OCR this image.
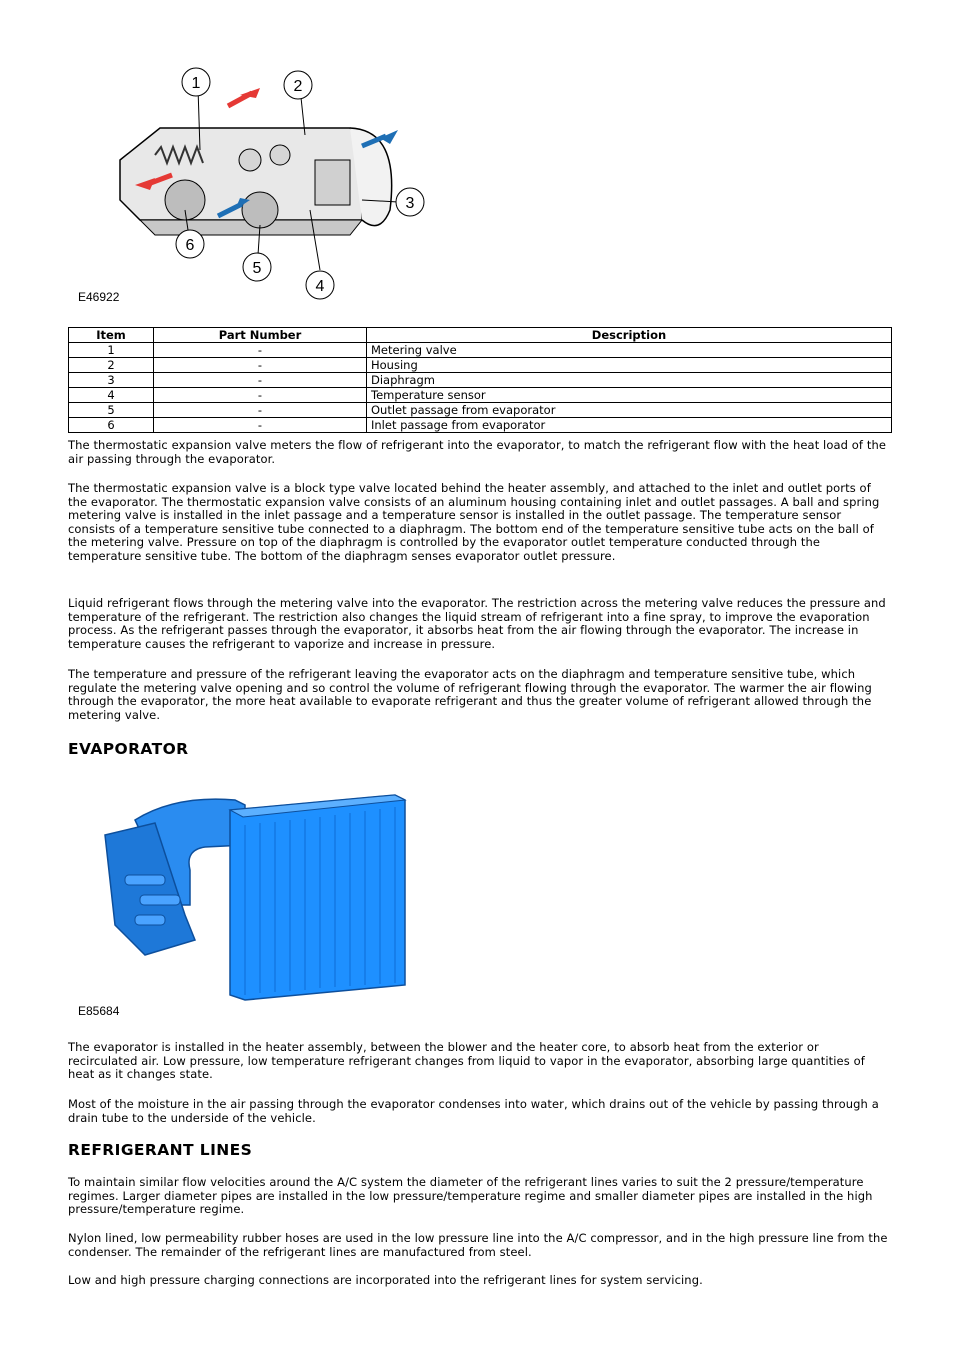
1	2
3
4
5
6
E46922
Item	Part Number	Description
1	-	Metering valve
2	-	Housing
3	-	Diaphragm
4	-	Temperature sensor
5	-	Outlet passage from evaporator
6	-	Inlet passage from evaporator

The thermostatic expansion valve meters the flow of refrigerant into the evaporator, to match the refrigerant flow with the heat load of the air passing through the evaporator.

The thermostatic expansion valve is a block type valve located behind the heater assembly, and attached to the inlet and outlet ports of the evaporator. The thermostatic expansion valve consists of an aluminum housing containing inlet and outlet passages. A ball and spring metering valve is installed in the inlet passage and a temperature sensor is installed in the outlet passage. The temperature sensor consists of a temperature sensitive tube connected to a diaphragm. The bottom end of the temperature sensitive tube acts on the ball of the metering valve. Pressure on top of the diaphragm is controlled by the evaporator outlet temperature conducted through the temperature sensitive tube. The bottom of the diaphragm senses evaporator outlet pressure.

Liquid refrigerant flows through the metering valve into the evaporator. The restriction across the metering valve reduces the pressure and temperature of the refrigerant. The restriction also changes the liquid stream of refrigerant into a fine spray, to improve the evaporation process. As the refrigerant passes through the evaporator, it absorbs heat from the air flowing through the evaporator. The increase in temperature causes the refrigerant to vaporize and increase in pressure.

The temperature and pressure of the refrigerant leaving the evaporator acts on the diaphragm and temperature sensitive tube, which regulate the metering valve opening and so control the volume of refrigerant flowing through the evaporator. The warmer the air flowing through the evaporator, the more heat available to evaporate refrigerant and thus the greater volume of refrigerant allowed through the metering valve.

EVAPORATOR
E85684

The evaporator is installed in the heater assembly, between the blower and the heater core, to absorb heat from the exterior or recirculated air. Low pressure, low temperature refrigerant changes from liquid to vapor in the evaporator, absorbing large quantities of heat as it changes state.

Most of the moisture in the air passing through the evaporator condenses into water, which drains out of the vehicle by passing through a drain tube to the underside of the vehicle.

REFRIGERANT LINES

To maintain similar flow velocities around the A/C system the diameter of the refrigerant lines varies to suit the 2 pressure/temperature regimes. Larger diameter pipes are installed in the low pressure/temperature regime and smaller diameter pipes are installed in the high pressure/temperature regime.

Nylon lined, low permeability rubber hoses are used in the low pressure line into the A/C compressor, and in the high pressure line from the condenser. The remainder of the refrigerant lines are manufactured from steel.

Low and high pressure charging connections are incorporated into the refrigerant lines for system servicing.
